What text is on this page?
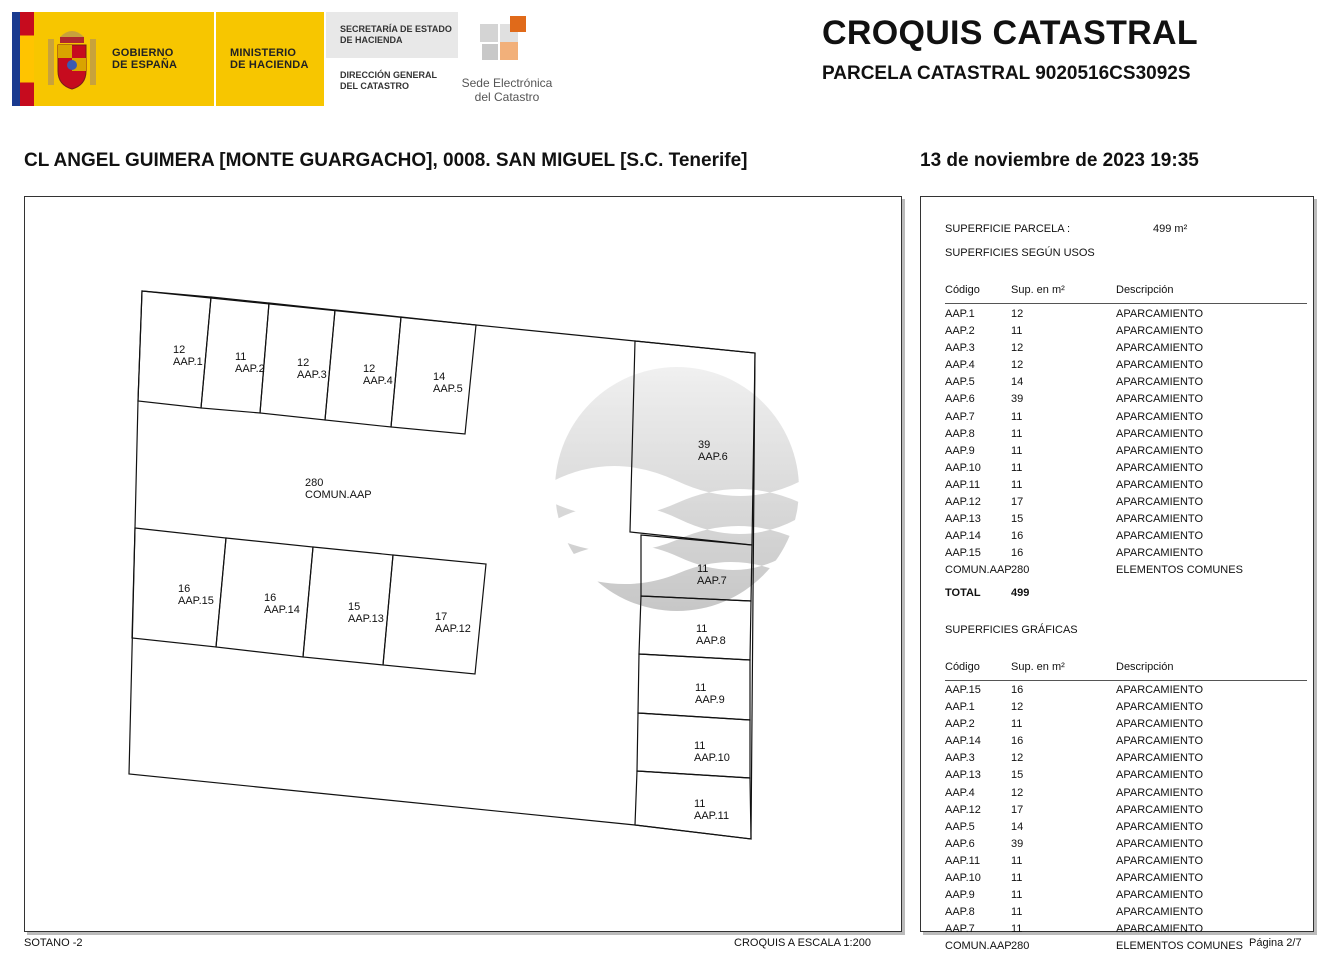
GOBIERNO
DE ESPAÑA
MINISTERIO
DE HACIENDA
SECRETARÍA DE ESTADO
DE HACIENDA
DIRECCIÓN GENERAL
DEL CATASTRO	Sede Electrónica
del Catastro
CROQUIS CATASTRAL
PARCELA CATASTRAL 9020516CS3092S
CL ANGEL GUIMERA [MONTE GUARGACHO], 0008. SAN MIGUEL [S.C. Tenerife]	13 de noviembre de 2023 19:35
12
AAP.1	11
AAP.2	12
AAP.3	12
AAP.4	14
AAP.5
39
AAP.6
280
COMUN.AAP
16
AAP.15	16
AAP.14	15
AAP.13	17
AAP.12
11
AAP.7
11
AAP.8
11
AAP.9
11
AAP.10
11
AAP.11
SOTANO -2	CROQUIS A ESCALA 1:200
SUPERFICIE PARCELA :	499 m²
SUPERFICIES SEGÚN USOS
Código	Sup. en m²	Descripción
AAP.1	12	APARCAMIENTO
AAP.2	11	APARCAMIENTO
AAP.3	12	APARCAMIENTO
AAP.4	12	APARCAMIENTO
AAP.5	14	APARCAMIENTO
AAP.6	39	APARCAMIENTO
AAP.7	11	APARCAMIENTO
AAP.8	11	APARCAMIENTO
AAP.9	11	APARCAMIENTO
AAP.10	11	APARCAMIENTO
AAP.11	11	APARCAMIENTO
AAP.12	17	APARCAMIENTO
AAP.13	15	APARCAMIENTO
AAP.14	16	APARCAMIENTO
AAP.15	16	APARCAMIENTO
COMUN.AAP 280	ELEMENTOS COMUNES
TOTAL	499
SUPERFICIES GRÁFICAS
Código	Sup. en m²	Descripción
AAP.15	16	APARCAMIENTO
AAP.1	12	APARCAMIENTO
AAP.2	11	APARCAMIENTO
AAP.14	16	APARCAMIENTO
AAP.3	12	APARCAMIENTO
AAP.13	15	APARCAMIENTO
AAP.4	12	APARCAMIENTO
AAP.12	17	APARCAMIENTO
AAP.5	14	APARCAMIENTO
AAP.6	39	APARCAMIENTO
AAP.11	11	APARCAMIENTO
AAP.10	11	APARCAMIENTO
AAP.9	11	APARCAMIENTO
AAP.8	11	APARCAMIENTO
AAP.7	11	APARCAMIENTO
COMUN.AAP 280	ELEMENTOS COMUNES Página 2/7
